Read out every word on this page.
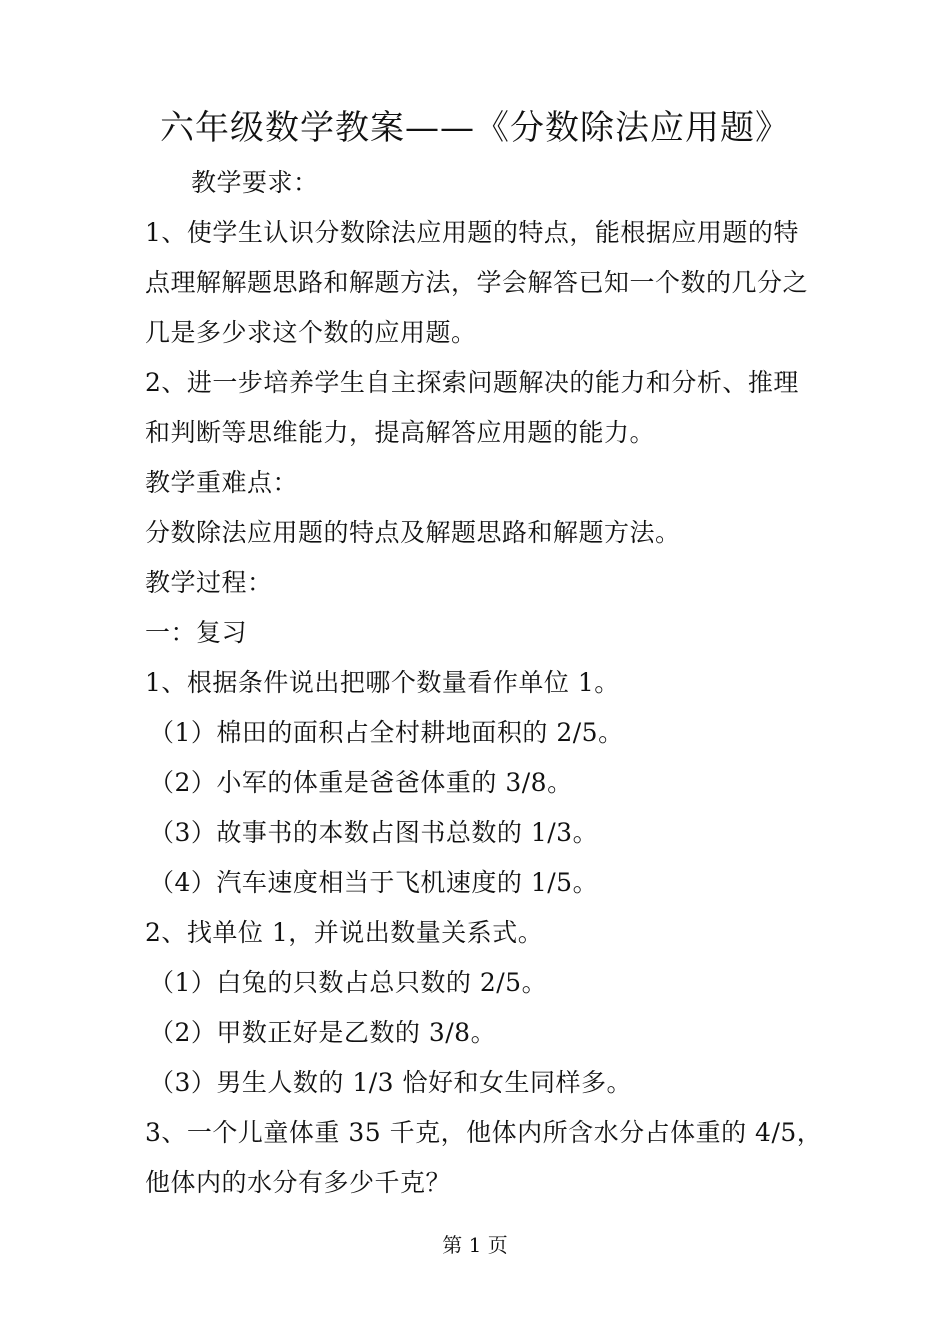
六年级数学教案——《分数除法应用题》
教学要求：
1、使学生认识分数除法应用题的特点，能根据应用题的特
点理解解题思路和解题方法，学会解答已知一个数的几分之
几是多少求这个数的应用题。
2、进一步培养学生自主探索问题解决的能力和分析、推理
和判断等思维能力，提高解答应用题的能力。
教学重难点：
分数除法应用题的特点及解题思路和解题方法。
教学过程：
一：复习
1、根据条件说出把哪个数量看作单位 1。
（1）棉田的面积占全村耕地面积的 2/5。
（2）小军的体重是爸爸体重的 3/8。
（3）故事书的本数占图书总数的 1/3。
（4）汽车速度相当于飞机速度的 1/5。
2、找单位 1，并说出数量关系式。
（1）白兔的只数占总只数的 2/5。
（2）甲数正好是乙数的 3/8。
（3）男生人数的 1/3 恰好和女生同样多。
3、一个儿童体重 35 千克，他体内所含水分占体重的 4/5，
他体内的水分有多少千克？
第 1 页
